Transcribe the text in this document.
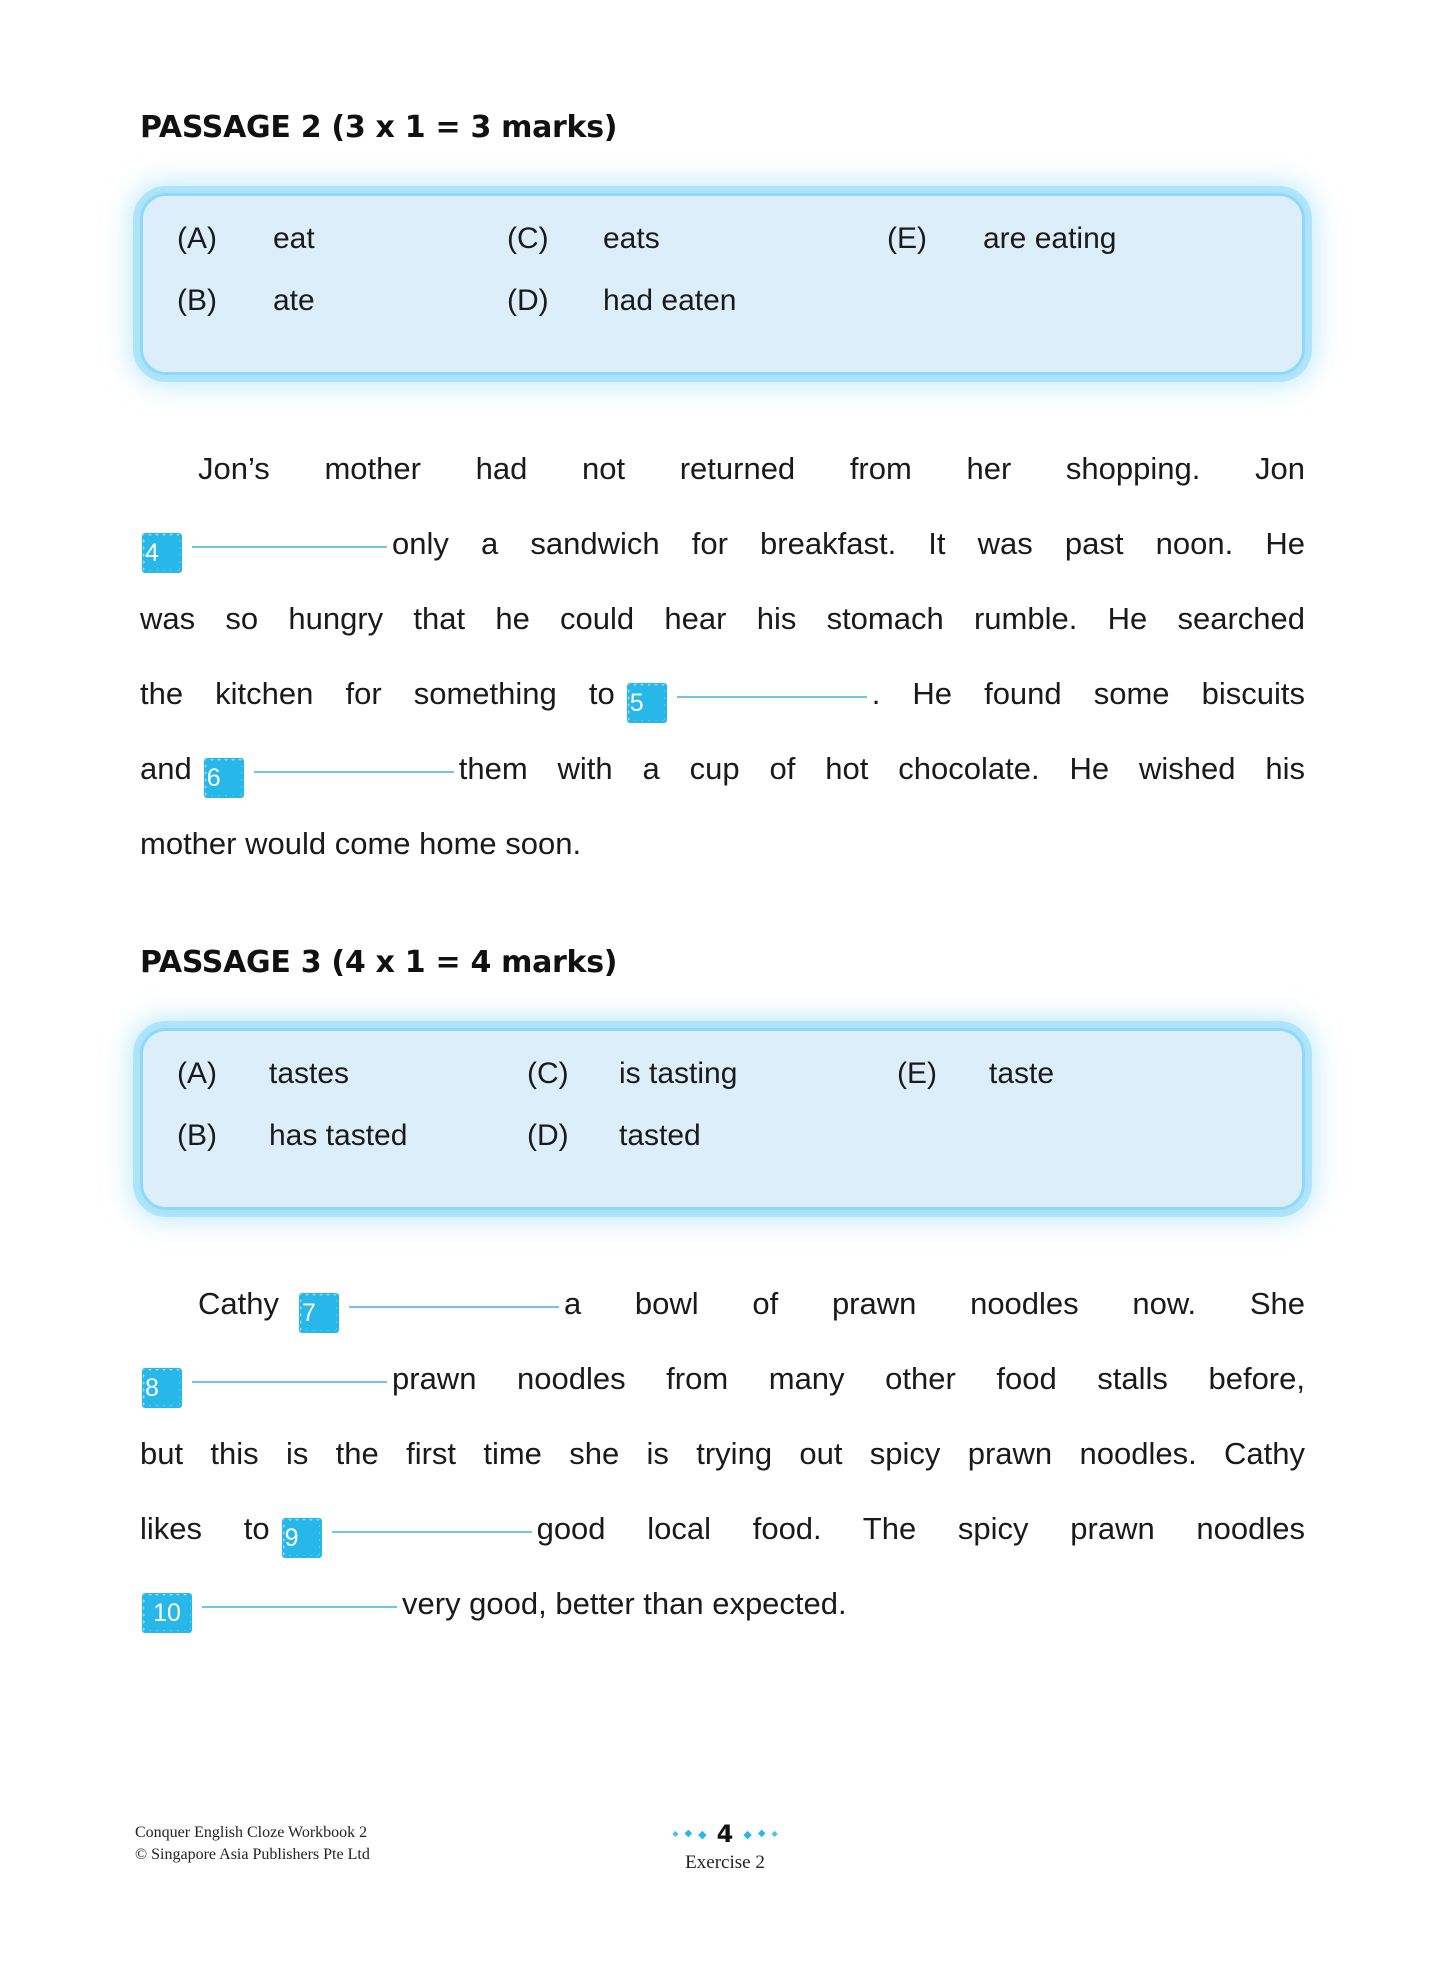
PASSAGE 2 (3 x 1 = 3 marks)
(A)	eat	(C)	eats	(E)	are eating
(B)	ate	(D)	had eaten
Jon’s mother had not returned from her shopping. Jon
4	only a sandwich for breakfast. It was past noon. He
was so hungry that he could hear his stomach rumble. He searched
the kitchen for something to 5	. He found some biscuits
and 6	them with a cup of hot chocolate. He wished his
mother would come home soon.
PASSAGE 3 (4 x 1 = 4 marks)
(A)	tastes	(C)	is tasting	(E)	taste
(B)	has tasted	(D)	tasted
Cathy 7	a bowl of prawn noodles now. She
8	prawn noodles from many other food stalls before,
but this is the first time she is trying out spicy prawn noodles. Cathy
likes to 9	good local food. The spicy prawn noodles
10	very good, better than expected.
Conquer English Cloze Workbook 2
© Singapore Asia Publishers Pte Ltd
◆ ◆ ◆ 4 ◆ ◆ ◆
Exercise 2
